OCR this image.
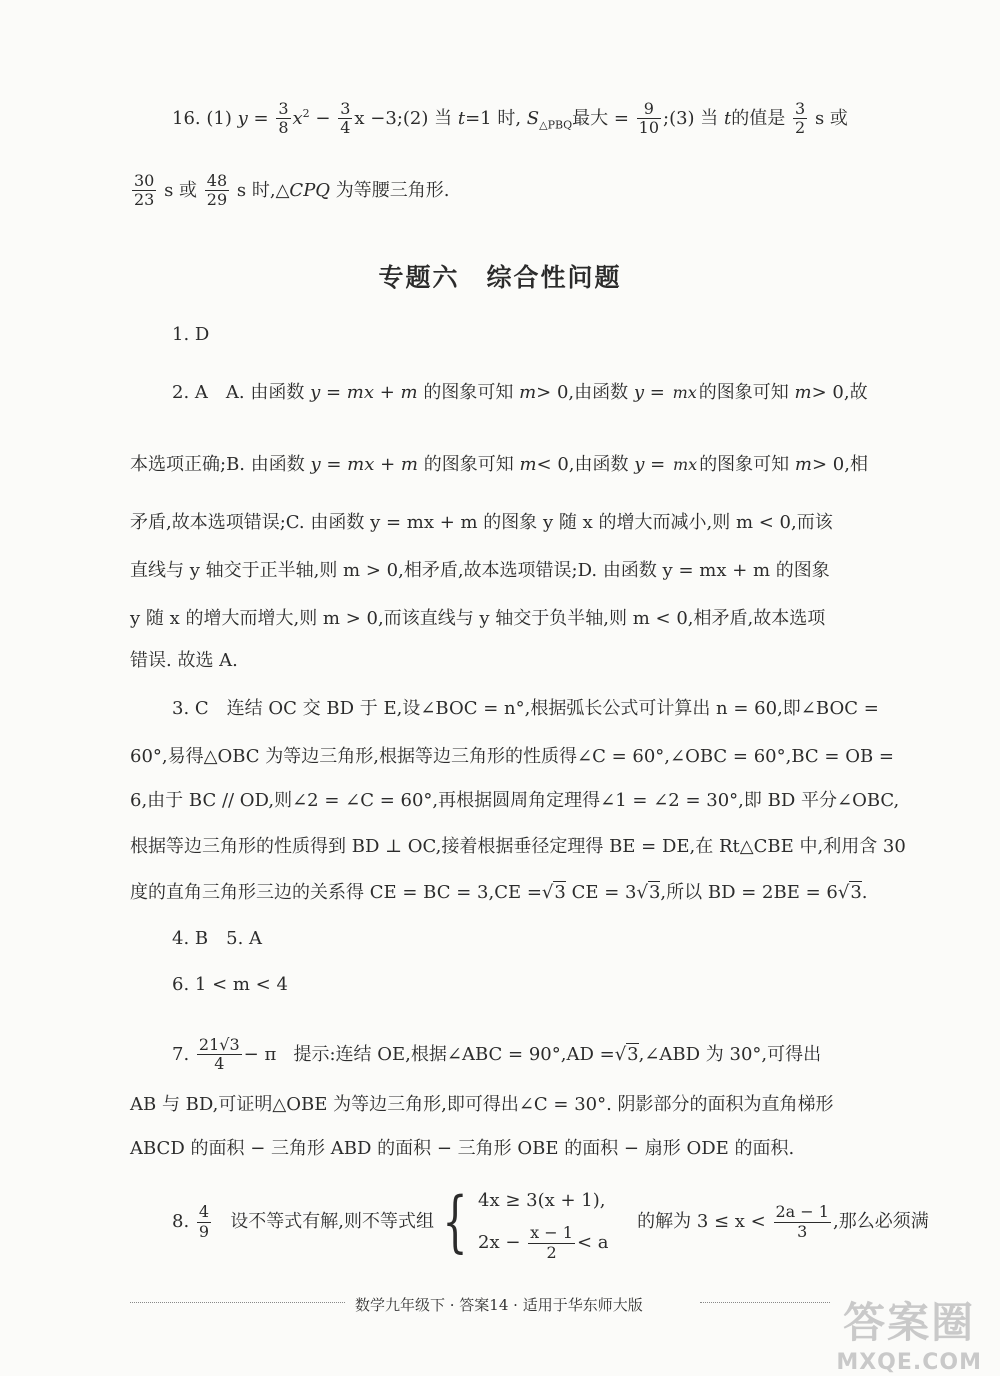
16. (1) $y = \frac{3}{8} x^2 - \frac{3}{4}$ x −3;(2) 当 t=1 时, $S_{\triangle PBQ}$最大 = $\frac{9}{10}$ ;(3) 当 t的值是 $\frac{3}{2}$ s 或
$\frac{30}{23}$ s 或 $\frac{48}{29}$ s 时,△CPQ 为等腰三角形.
专题六　综合性问题
1. D
2. A　A. 由函数 y = mx + m 的图象可知 m> 0,由函数 y = mx 的图象可知 m> 0,故
本选项正确;B. 由函数 y = mx + m 的图象可知 m< 0,由函数 y = mx 的图象可知 m> 0,相
矛盾,故本选项错误;C. 由函数 y = mx + m 的图象 y 随 x 的增大而减小,则 m < 0,而该
直线与 y 轴交于正半轴,则 m > 0,相矛盾,故本选项错误;D. 由函数 y = mx + m 的图象
y 随 x 的增大而增大,则 m > 0,而该直线与 y 轴交于负半轴,则 m < 0,相矛盾,故本选项
错误. 故选 A.
3. C　连结 OC 交 BD 于 E,设∠BOC = n°,根据弧长公式可计算出 n = 60,即∠BOC =
60°,易得△OBC 为等边三角形,根据等边三角形的性质得∠C = 60°,∠OBC = 60°,BC = OB =
6,由于 BC // OD,则∠2 = ∠C = 60°,再根据圆周角定理得∠1 = ∠2 = 30°,即 BD 平分∠OBC,
根据等边三角形的性质得到 BD ⊥ OC,接着根据垂径定理得 BE = DE,在 Rt△CBE 中,利用含 30
度的直角三角形三边的关系得 CE = BC = 3,CE =√3 CE = 3√3,所以 BD = 2BE = 6√3.
4. B　5. A
6. 1 < m < 4
7. $\frac{21√3}{4} - \pi$ 提示:连结 OE,根据∠ABC = 90°,AD =√3,∠ABD 为 30°,可得出
AB 与 BD,可证明△OBE 为等边三角形,即可得出∠C = 30°. 阴影部分的面积为直角梯形
ABCD 的面积 − 三角形 ABD 的面积 − 三角形 OBE 的面积 − 扇形 ODE 的面积.
8. $\frac{4}{9}$ 设不等式有解,则不等式组 { 4x ≥ 3(x + 1),
2x −
$\frac{x - 1}{2} < a$
的解为 $3 \le x < \frac{2a - 1}{3}$ ,那么必须满
数学九年级下 · 答案14 · 适用于华东师大版	答案圈
MXQE.COM
